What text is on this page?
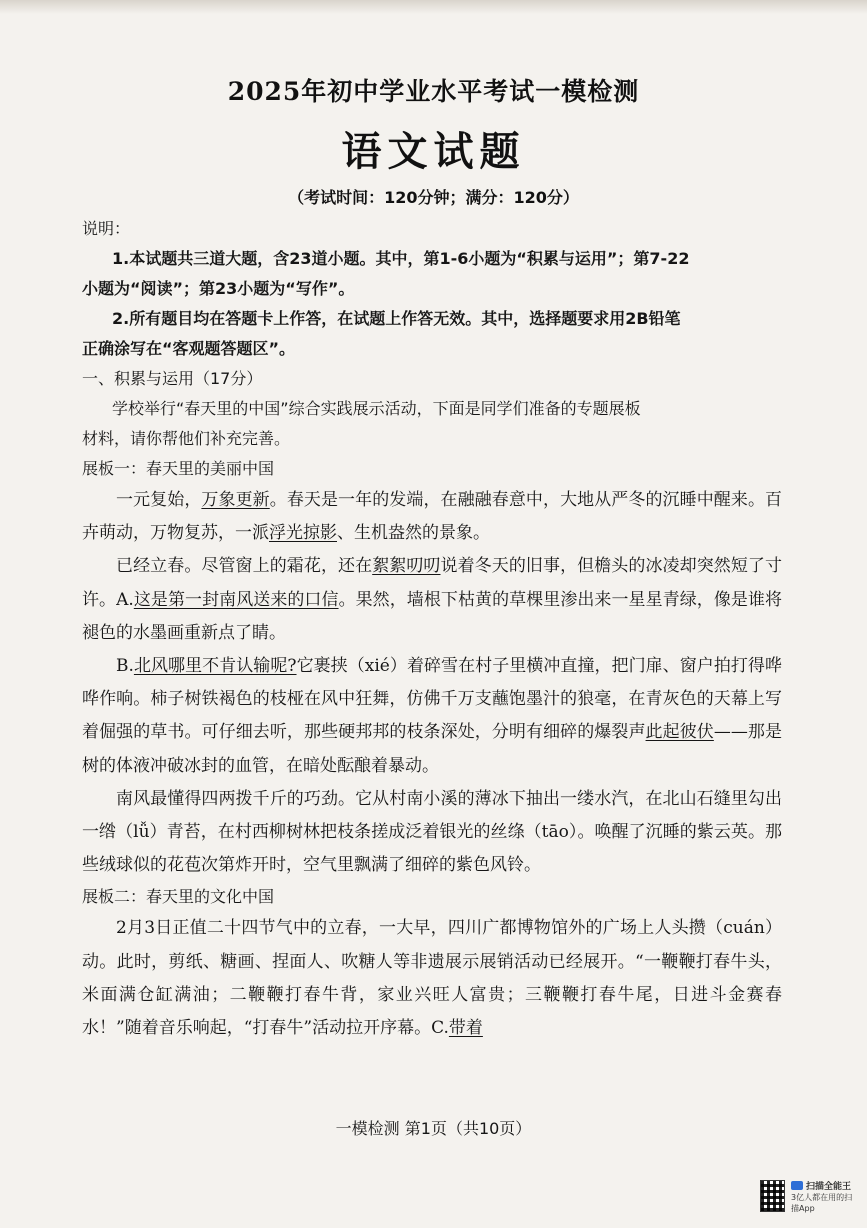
2025年初中学业水平考试一模检测
语文试题
（考试时间：120分钟；满分：120分）
说明：
1.本试题共三道大题，含23道小题。其中，第1-6小题为“积累与运用”；第7-22
小题为“阅读”；第23小题为“写作”。
2.所有题目均在答题卡上作答，在试题上作答无效。其中，选择题要求用2B铅笔
正确涂写在“客观题答题区”。
一、积累与运用（17分）
学校举行“春天里的中国”综合实践展示活动，下面是同学们准备的专题展板
材料，请你帮他们补充完善。
展板一：春天里的美丽中国
一元复始，万象更新。春天是一年的发端，在融融春意中，大地从严冬的沉睡中醒来。百卉萌动，万物复苏，一派浮光掠影、生机盎然的景象。
已经立春。尽管窗上的霜花，还在絮絮叨叨说着冬天的旧事，但檐头的冰凌却突然短了寸许。A.这是第一封南风送来的口信。果然，墙根下枯黄的草棵里渗出来一星星青绿，像是谁将褪色的水墨画重新点了睛。
B.北风哪里不肯认输呢?它裹挟（xié）着碎雪在村子里横冲直撞，把门扉、窗户拍打得哗哗作响。柿子树铁褐色的枝桠在风中狂舞，仿佛千万支蘸饱墨汁的狼毫，在青灰色的天幕上写着倔强的草书。可仔细去听，那些硬邦邦的枝条深处，分明有细碎的爆裂声此起彼伏——那是树的体液冲破冰封的血管，在暗处酝酿着暴动。
南风最懂得四两拨千斤的巧劲。它从村南小溪的薄冰下抽出一缕水汽，在北山石缝里勾出一绺（lǚ）青苔，在村西柳树林把枝条搓成泛着银光的丝绦（tāo）。唤醒了沉睡的紫云英。那些绒球似的花苞次第炸开时，空气里飘满了细碎的紫色风铃。
展板二：春天里的文化中国
2月3日正值二十四节气中的立春，一大早，四川广都博物馆外的广场上人头攒（cuán）动。此时，剪纸、糖画、捏面人、吹糖人等非遗展示展销活动已经展开。“一鞭鞭打春牛头，米面满仓缸满油；二鞭鞭打春牛背，家业兴旺人富贵；三鞭鞭打春牛尾，日进斗金赛春水！”随着音乐响起，“打春牛”活动拉开序幕。C.带着
一模检测 第1页（共10页）
扫描全能王
3亿人都在用的扫描App
